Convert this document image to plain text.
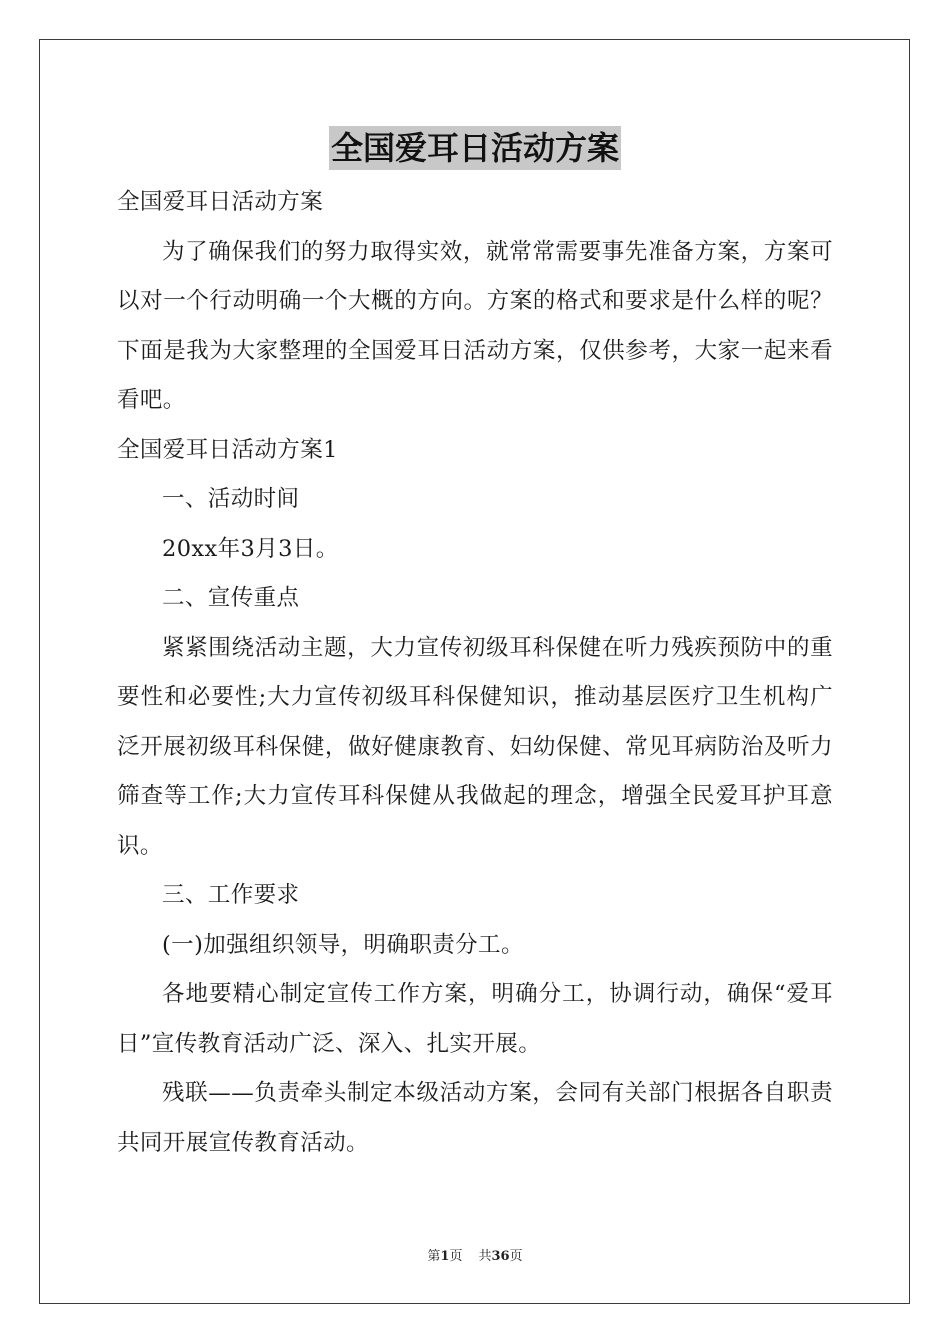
全国爱耳日活动方案

全国爱耳日活动方案

为了确保我们的努力取得实效，就常常需要事先准备方案，方案可以对一个行动明确一个大概的方向。方案的格式和要求是什么样的呢？下面是我为大家整理的全国爱耳日活动方案，仅供参考，大家一起来看看吧。

全国爱耳日活动方案1

一、活动时间

20xx年3月3日。

二、宣传重点

紧紧围绕活动主题，大力宣传初级耳科保健在听力残疾预防中的重要性和必要性;大力宣传初级耳科保健知识，推动基层医疗卫生机构广泛开展初级耳科保健，做好健康教育、妇幼保健、常见耳病防治及听力筛查等工作;大力宣传耳科保健从我做起的理念，增强全民爱耳护耳意识。

三、工作要求

(一)加强组织领导，明确职责分工。

各地要精心制定宣传工作方案，明确分工，协调行动，确保“爱耳日”宣传教育活动广泛、深入、扎实开展。

残联——负责牵头制定本级活动方案，会同有关部门根据各自职责共同开展宣传教育活动。

第1页 共36页
